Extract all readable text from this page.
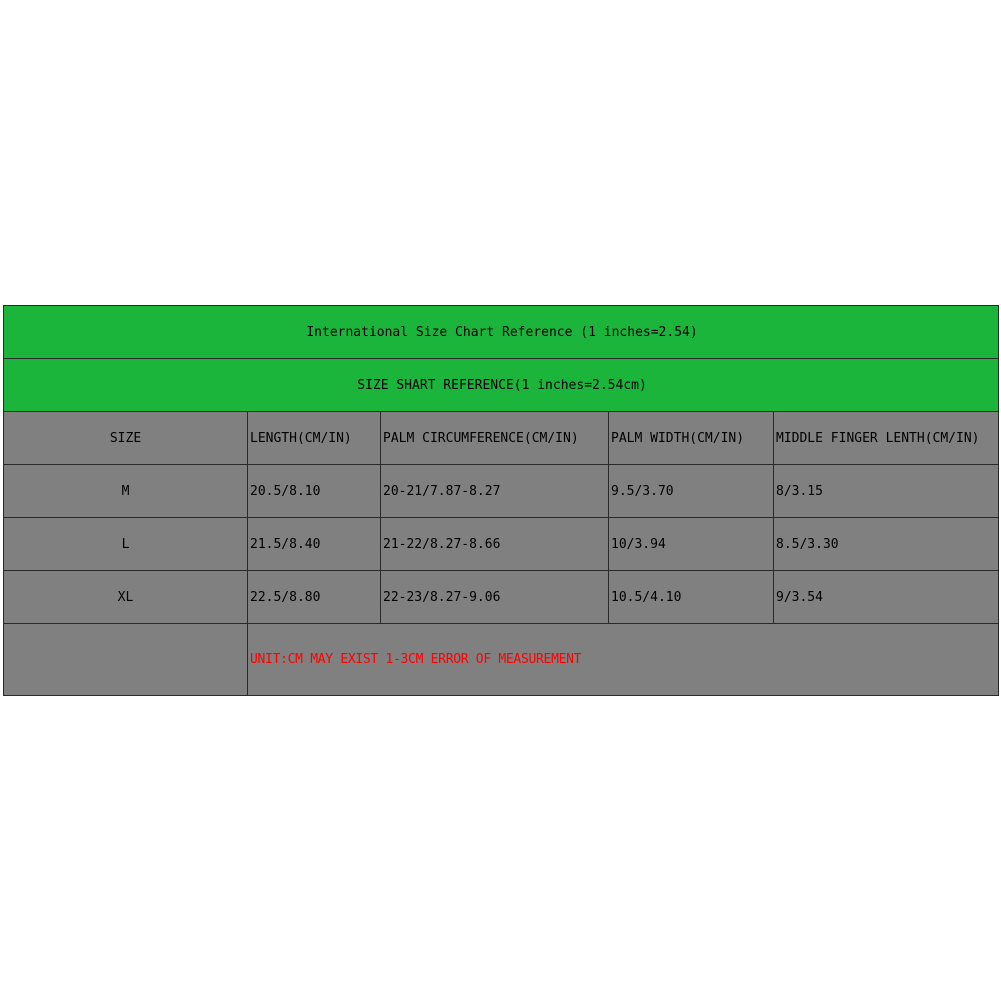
International Size Chart Reference (1 inches=2.54)				
SIZE SHART REFERENCE(1 inches=2.54cm)				
SIZE	LENGTH(CM/IN)	PALM CIRCUMFERENCE(CM/IN)	PALM WIDTH(CM/IN)	MIDDLE FINGER LENTH(CM/IN)
M	20.5/8.10	20-21/7.87-8.27	9.5/3.70	8/3.15
L	21.5/8.40	21-22/8.27-8.66	10/3.94	8.5/3.30
XL	22.5/8.80	22-23/8.27-9.06	10.5/4.10	9/3.54
	UNIT:CM MAY EXIST 1-3CM ERROR OF MEASUREMENT			
